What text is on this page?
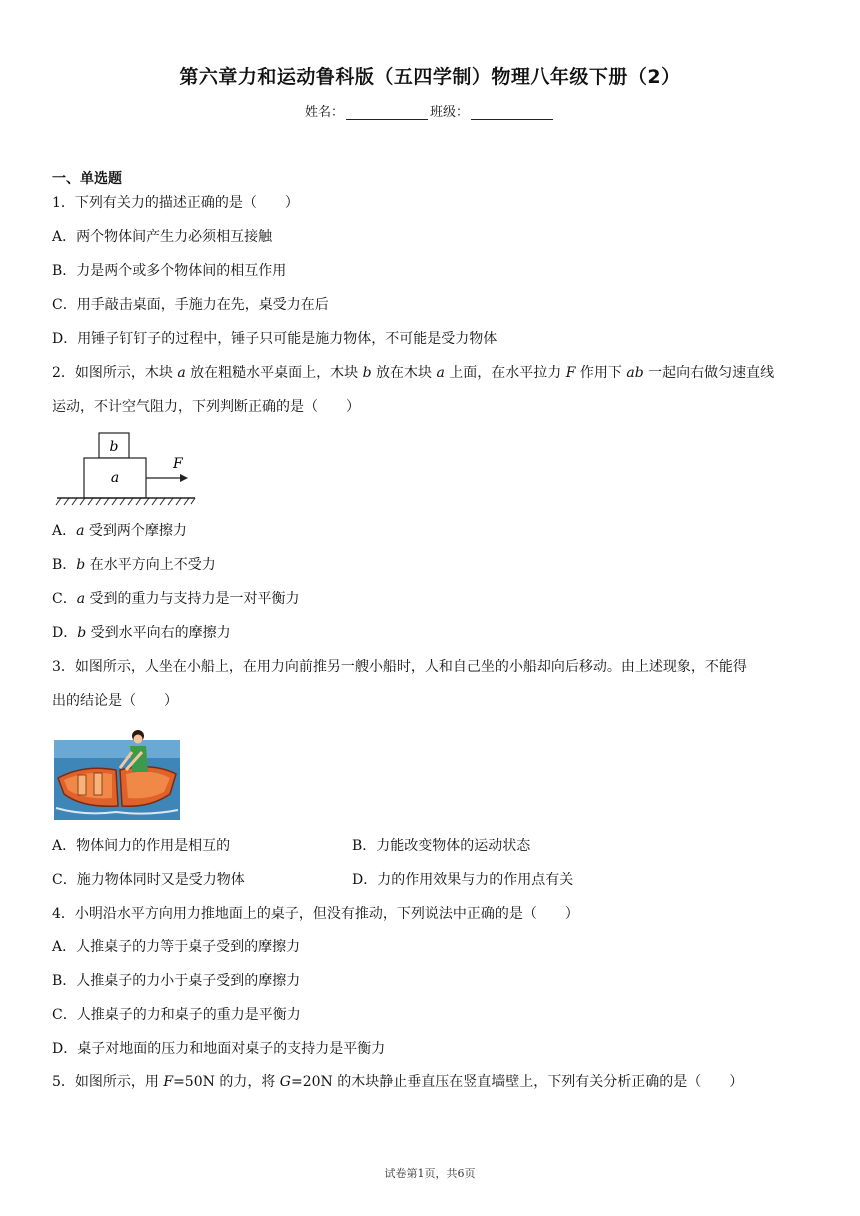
第六章力和运动鲁科版（五四学制）物理八年级下册（2）
姓名：	班级：
一、单选题
1．下列有关力的描述正确的是（　　）
A．两个物体间产生力必须相互接触
B．力是两个或多个物体间的相互作用
C．用手敲击桌面，手施力在先，桌受力在后
D．用锤子钉钉子的过程中，锤子只可能是施力物体，不可能是受力物体
2．如图所示，木块 a 放在粗糙水平桌面上，木块 b 放在木块 a 上面，在水平拉力 F 作用下 ab 一起向右做匀速直线
运动，不计空气阻力，下列判断正确的是（　　）
b
a
F
A．a 受到两个摩擦力
B．b 在水平方向上不受力
C．a 受到的重力与支持力是一对平衡力
D．b 受到水平向右的摩擦力
3．如图所示，人坐在小船上，在用力向前推另一艘小船时，人和自己坐的小船却向后移动。由上述现象，不能得
出的结论是（　　）
A．物体间力的作用是相互的	B．力能改变物体的运动状态
C．施力物体同时又是受力物体	D．力的作用效果与力的作用点有关
4．小明沿水平方向用力推地面上的桌子，但没有推动，下列说法中正确的是（　　）
A．人推桌子的力等于桌子受到的摩擦力
B．人推桌子的力小于桌子受到的摩擦力
C．人推桌子的力和桌子的重力是平衡力
D．桌子对地面的压力和地面对桌子的支持力是平衡力
5．如图所示，用 F=50N 的力，将 G=20N 的木块静止垂直压在竖直墙壁上，下列有关分析正确的是（　　）
试卷第1页，共6页
